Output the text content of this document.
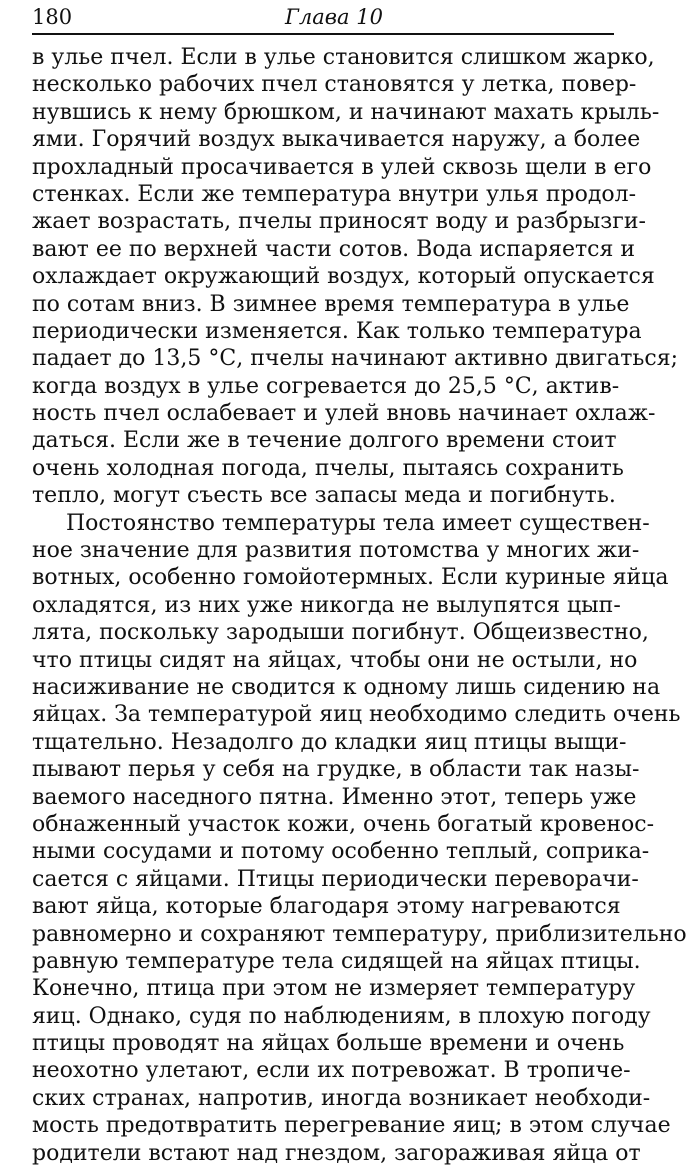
180	Глава 10
в улье пчел. Если в улье становится слишком жарко,
несколько рабочих пчел становятся у летка, повер-
нувшись к нему брюшком, и начинают махать крыль-
ями. Горячий воздух выкачивается наружу, а более
прохладный просачивается в улей сквозь щели в его
стенках. Если же температура внутри улья продол-
жает возрастать, пчелы приносят воду и разбрызги-
вают ее по верхней части сотов. Вода испаряется и
охлаждает окружающий воздух, который опускается
по сотам вниз. В зимнее время температура в улье
периодически изменяется. Как только температура
падает до 13,5 °С, пчелы начинают активно двигаться;
когда воздух в улье согревается до 25,5 °С, актив-
ность пчел ослабевает и улей вновь начинает охлаж-
даться. Если же в течение долгого времени стоит
очень холодная погода, пчелы, пытаясь сохранить
тепло, могут съесть все запасы меда и погибнуть.
Постоянство температуры тела имеет существен-
ное значение для развития потомства у многих жи-
вотных, особенно гомойотермных. Если куриные яйца
охладятся, из них уже никогда не вылупятся цып-
лята, поскольку зародыши погибнут. Общеизвестно,
что птицы сидят на яйцах, чтобы они не остыли, но
насиживание не сводится к одному лишь сидению на
яйцах. За температурой яиц необходимо следить очень
тщательно. Незадолго до кладки яиц птицы выщи-
пывают перья у себя на грудке, в области так назы-
ваемого наседного пятна. Именно этот, теперь уже
обнаженный участок кожи, очень богатый кровенос-
ными сосудами и потому особенно теплый, соприка-
сается с яйцами. Птицы периодически переворачи-
вают яйца, которые благодаря этому нагреваются
равномерно и сохраняют температуру, приблизительно
равную температуре тела сидящей на яйцах птицы.
Конечно, птица при этом не измеряет температуру
яиц. Однако, судя по наблюдениям, в плохую погоду
птицы проводят на яйцах больше времени и очень
неохотно улетают, если их потревожат. В тропиче-
ских странах, напротив, иногда возникает необходи-
мость предотвратить перегревание яиц; в этом случае
родители встают над гнездом, загораживая яйца от
